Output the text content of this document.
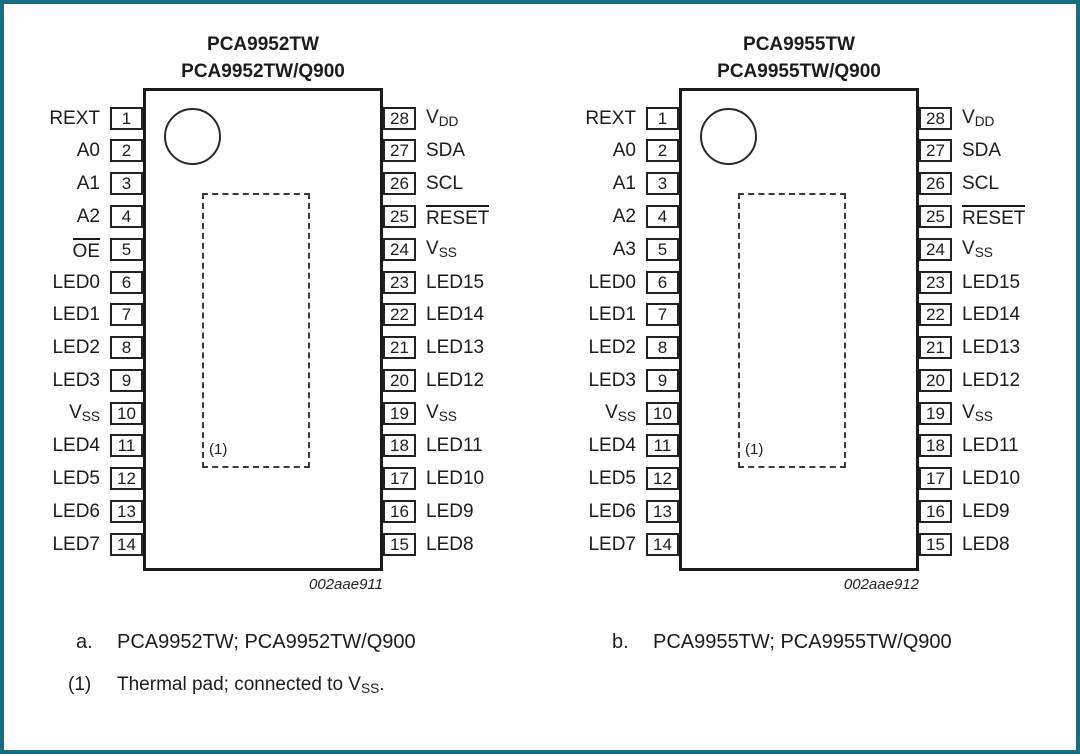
PCA9952TW
PCA9952TW/Q900
(1)
REXT	1
A0	2
A1	3
A2	4
OE	5
LED0	6
LED1	7
LED2	8
LED3	9
$V_{SS}$	10
LED4	11
LED5	12
LED6	13
LED7	14
28 $V_{DD}$
27 SDA
26 SCL
25 RESET
24 $V_{SS}$
23 LED15
22 LED14
21 LED13
20 LED12
19 $V_{SS}$
18 LED11
17 LED10
16 LED9
15 LED8
002aae911
a.	PCA9952TW; PCA9952TW/Q900
PCA9955TW
PCA9955TW/Q900
(1)
REXT	1
A0	2
A1	3
A2	4
A3	5
LED0	6
LED1	7
LED2	8
LED3	9
$V_{SS}$	10
LED4	11
LED5	12
LED6	13
LED7	14
28 $V_{DD}$
27 SDA
26 SCL
25 RESET
24 $V_{SS}$
23 LED15
22 LED14
21 LED13
20 LED12
19 $V_{SS}$
18 LED11
17 LED10
16 LED9
15 LED8
002aae912
b.	PCA9955TW; PCA9955TW/Q900
(1)	Thermal pad; connected to $V_{SS}$.
